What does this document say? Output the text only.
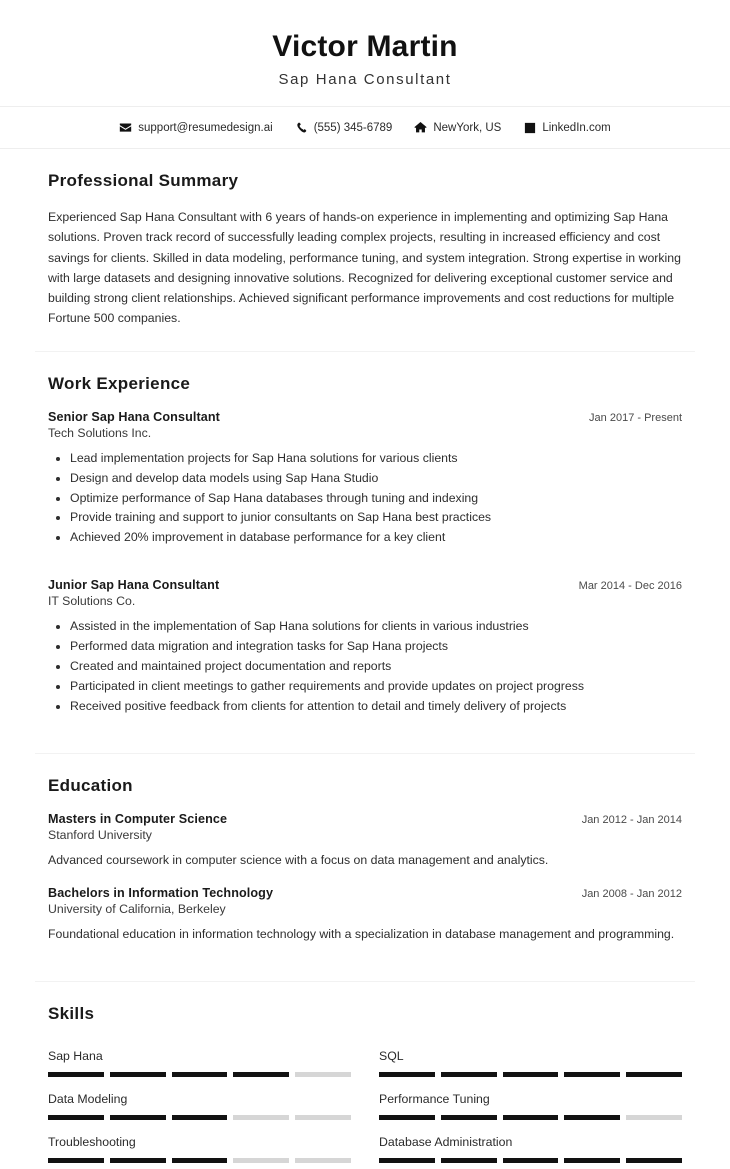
Victor Martin
Sap Hana Consultant
support@resumedesign.ai	(555) 345-6789	NewYork, US	LinkedIn.com
Professional Summary

Experienced Sap Hana Consultant with 6 years of hands-on experience in implementing and optimizing Sap Hana solutions. Proven track record of successfully leading complex projects, resulting in increased efficiency and cost savings for clients. Skilled in data modeling, performance tuning, and system integration. Strong expertise in working with large datasets and designing innovative solutions. Recognized for delivering exceptional customer service and building strong client relationships. Achieved significant performance improvements and cost reductions for multiple Fortune 500 companies.

Work Experience
Senior Sap Hana Consultant	Jan 2017 - Present
Tech Solutions Inc.
• Lead implementation projects for Sap Hana solutions for various clients
• Design and develop data models using Sap Hana Studio
• Optimize performance of Sap Hana databases through tuning and indexing
• Provide training and support to junior consultants on Sap Hana best practices
• Achieved 20% improvement in database performance for a key client
Junior Sap Hana Consultant	Mar 2014 - Dec 2016
IT Solutions Co.
• Assisted in the implementation of Sap Hana solutions for clients in various industries
• Performed data migration and integration tasks for Sap Hana projects
• Created and maintained project documentation and reports
• Participated in client meetings to gather requirements and provide updates on project progress
• Received positive feedback from clients for attention to detail and timely delivery of projects
Education
Masters in Computer Science	Jan 2012 - Jan 2014
Stanford University
Advanced coursework in computer science with a focus on data management and analytics.
Bachelors in Information Technology	Jan 2008 - Jan 2012
University of California, Berkeley
Foundational education in information technology with a specialization in database management and programming.
Skills
Sap Hana	SQL
Data Modeling	Performance Tuning
Troubleshooting	Database Administration
